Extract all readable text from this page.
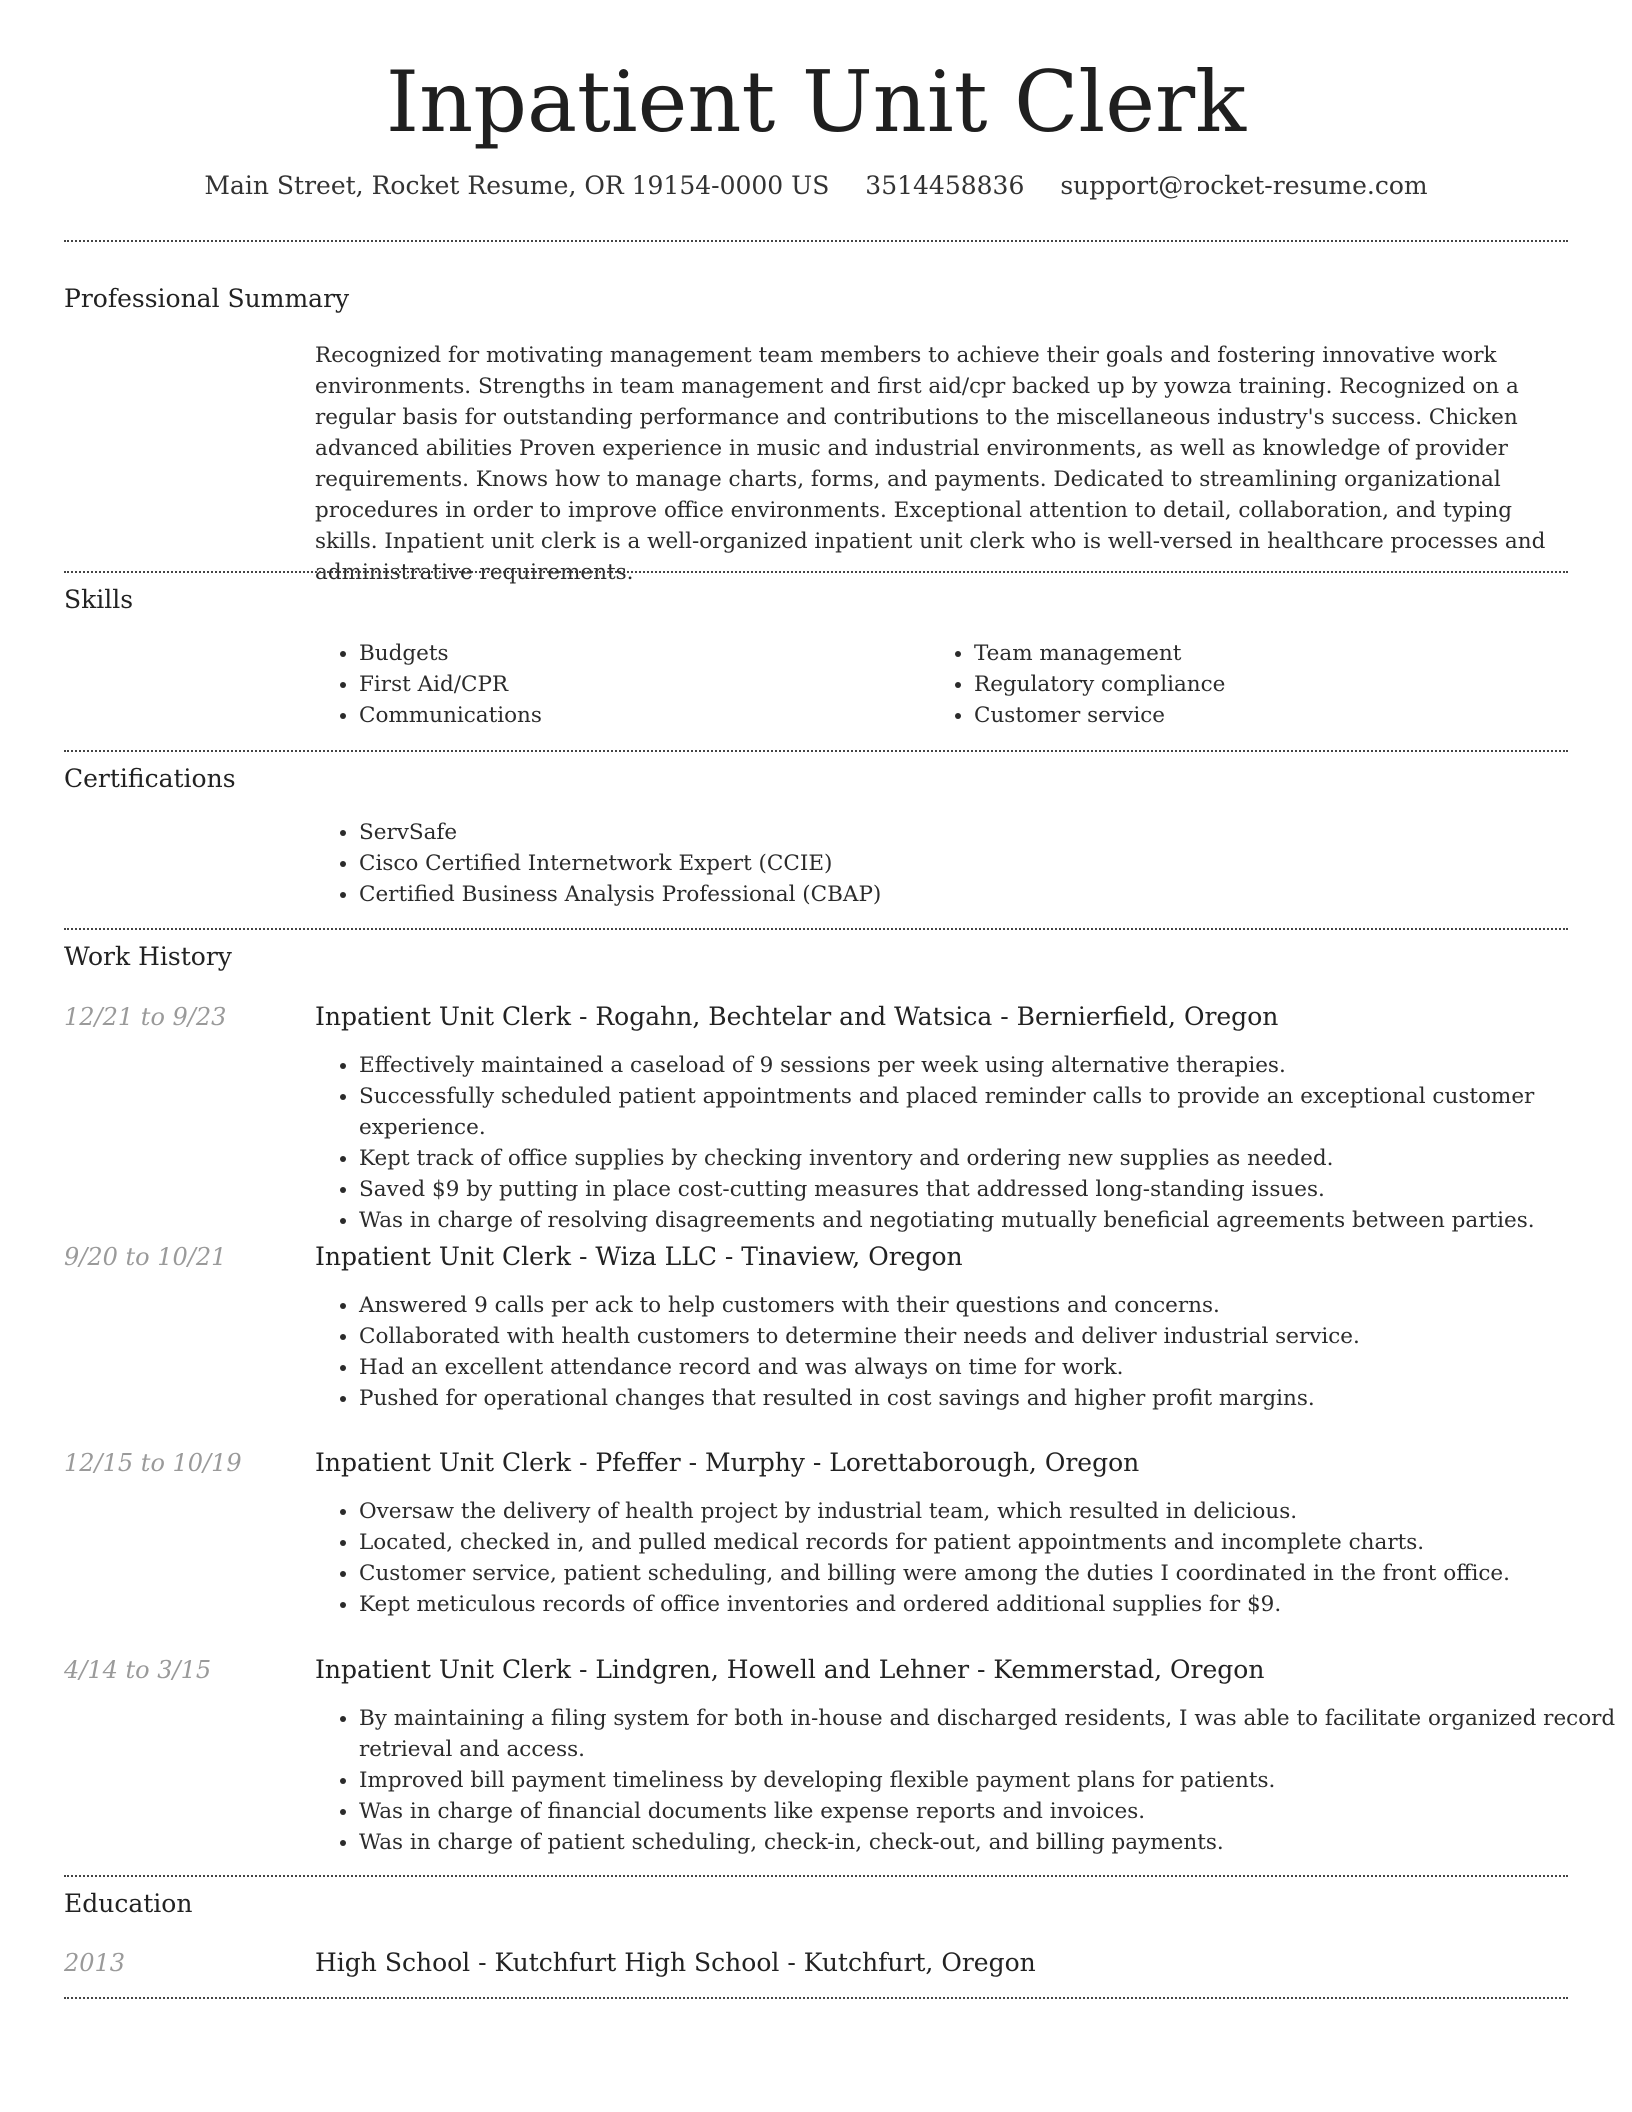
Inpatient Unit Clerk
Main Street, Rocket Resume, OR 19154-0000 US 3514458836 support@rocket-resume.com
Professional Summary
Recognized for motivating management team members to achieve their goals and fostering innovative work environments. Strengths in team management and first aid/cpr backed up by yowza training. Recognized on a regular basis for outstanding performance and contributions to the miscellaneous industry's success. Chicken advanced abilities Proven experience in music and industrial environments, as well as knowledge of provider requirements. Knows how to manage charts, forms, and payments. Dedicated to streamlining organizational procedures in order to improve office environments. Exceptional attention to detail, collaboration, and typing skills. Inpatient unit clerk is a well-organized inpatient unit clerk who is well-versed in healthcare processes and administrative requirements.
Skills
• Budgets
• First Aid/CPR
• Communications
• Team management
• Regulatory compliance
• Customer service
Certifications
• ServSafe
• Cisco Certified Internetwork Expert (CCIE)
• Certified Business Analysis Professional (CBAP)
Work History
12/21 to 9/23	Inpatient Unit Clerk - Rogahn, Bechtelar and Watsica - Bernierfield, Oregon
• Effectively maintained a caseload of 9 sessions per week using alternative therapies.
• Successfully scheduled patient appointments and placed reminder calls to provide an exceptional customer experience.
• Kept track of office supplies by checking inventory and ordering new supplies as needed.
• Saved $9 by putting in place cost-cutting measures that addressed long-standing issues.
• Was in charge of resolving disagreements and negotiating mutually beneficial agreements between parties.
9/20 to 10/21	Inpatient Unit Clerk - Wiza LLC - Tinaview, Oregon
• Answered 9 calls per ack to help customers with their questions and concerns.
• Collaborated with health customers to determine their needs and deliver industrial service.
• Had an excellent attendance record and was always on time for work.
• Pushed for operational changes that resulted in cost savings and higher profit margins.
12/15 to 10/19	Inpatient Unit Clerk - Pfeffer - Murphy - Lorettaborough, Oregon
• Oversaw the delivery of health project by industrial team, which resulted in delicious.
• Located, checked in, and pulled medical records for patient appointments and incomplete charts.
• Customer service, patient scheduling, and billing were among the duties I coordinated in the front office.
• Kept meticulous records of office inventories and ordered additional supplies for $9.
4/14 to 3/15	Inpatient Unit Clerk - Lindgren, Howell and Lehner - Kemmerstad, Oregon
• By maintaining a filing system for both in-house and discharged residents, I was able to facilitate organized record retrieval and access.
• Improved bill payment timeliness by developing flexible payment plans for patients.
• Was in charge of financial documents like expense reports and invoices.
• Was in charge of patient scheduling, check-in, check-out, and billing payments.
Education
2013	High School - Kutchfurt High School - Kutchfurt, Oregon
